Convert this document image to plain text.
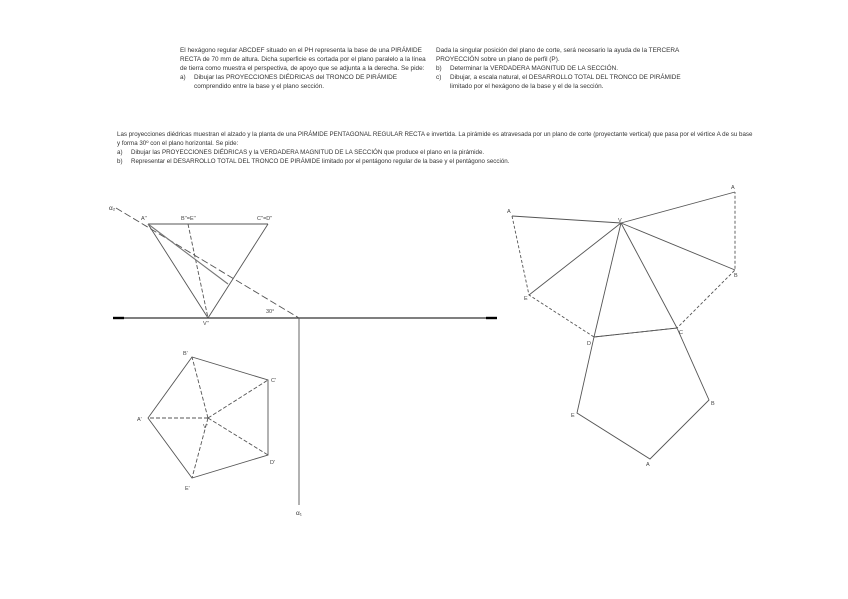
El hexágono regular ABCDEF situado en el PH representa la base de una PIRÁMIDE RECTA de 70 mm de altura. Dicha superficie es cortada por el plano paralelo a la línea de tierra como muestra el perspectiva, de apoyo que se adjunta a la derecha. Se pide:

a)	Dibujar las PROYECCIONES DIÉDRICAS del TRONCO DE PIRÁMIDE comprendido entre la base y el plano sección.

Dada la singular posición del plano de corte, será necesario la ayuda de la TERCERA PROYECCIÓN sobre un plano de perfil (P).

b)	Determinar la VERDADERA MAGNITUD DE LA SECCIÓN.
c)	Dibujar, a escala natural, el DESARROLLO TOTAL DEL TRONCO DE PIRÁMIDE limitado por el hexágono de la base y el de la sección.

Las proyecciones diédricas muestran el alzado y la planta de una PIRÁMIDE PENTAGONAL REGULAR RECTA e invertida. La pirámide es atravesada por un plano de corte (proyectante vertical) que pasa por el vértice A de su base y forma 30º con el plano horizontal. Se pide:

a)	Dibujar las PROYECCIONES DIÉDRICAS y la VERDADERA MAGNITUD DE LA SECCIÓN que produce el plano en la pirámide.
b)	Representar el DESARROLLO TOTAL DEL TRONCO DE PIRÁMIDE limitado por el pentágono regular de la base y el pentágono sección.
α₂
α₁
30°
A''	B''=E''	C''=D''
V''
A'
B'
C'
D'
E'
V'
A
V
A
B
E
C
D
E
B
A
